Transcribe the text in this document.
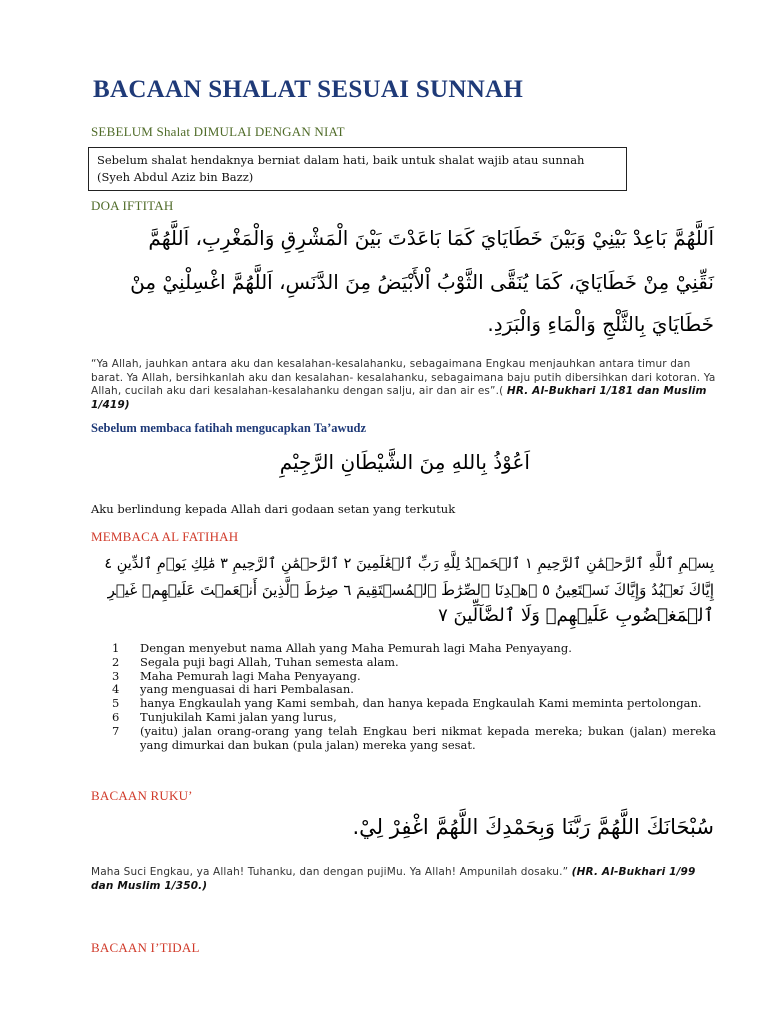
BACAAN SHALAT SESUAI SUNNAH
SEBELUM Shalat DIMULAI DENGAN NIAT
Sebelum shalat hendaknya berniat dalam hati, baik untuk shalat wajib atau sunnah (Syeh Abdul Aziz bin Bazz)
DOA IFTITAH
اَللَّهُمَّ بَاعِدْ بَيْنِيْ وَبَيْنَ خَطَايَايَ كَمَا بَاعَدْتَ بَيْنَ الْمَشْرِقِ وَالْمَغْرِبِ، اَللَّهُمَّ
نَقِّنِيْ مِنْ خَطَايَايَ، كَمَا يُنَقَّى الثَّوْبُ اْلأَبْيَضُ مِنَ الدَّنَسِ، اَللَّهُمَّ اغْسِلْنِيْ مِنْ
خَطَايَايَ بِالثَّلْجِ وَالْمَاءِ وَالْبَرَدِ.
“Ya Allah, jauhkan antara aku dan kesalahan-kesalahanku, sebagaimana Engkau menjauhkan antara timur dan barat. Ya Allah, bersihkanlah aku dan kesalahan- kesalahanku, sebagaimana baju putih dibersihkan dari kotoran. Ya Allah, cucilah aku dari kesalahan-kesalahanku dengan salju, air dan air es”.( HR. Al-Bukhari 1/181 dan Muslim 1/419)
Sebelum membaca fatihah mengucapkan Ta’awudz
اَعُوْذُ بِاللهِ مِنَ الشَّيْطَانِ الرَّجِيْمِ
Aku berlindung kepada Allah dari godaan setan yang terkutuk
MEMBACA AL FATIHAH
بِسۡمِ ٱللَّهِ ٱلرَّحۡمَٰنِ ٱلرَّحِيمِ ١ ٱلۡحَمۡدُ لِلَّهِ رَبِّ ٱلۡعَٰلَمِينَ ٢ ٱلرَّحۡمَٰنِ ٱلرَّحِيمِ ٣ مَٰلِكِ يَوۡمِ ٱلدِّينِ ٤
إِيَّاكَ نَعۡبُدُ وَإِيَّاكَ نَسۡتَعِينُ ٥ ٱهۡدِنَا ٱلصِّرَٰطَ ٱلۡمُسۡتَقِيمَ ٦ صِرَٰطَ ٱلَّذِينَ أَنۡعَمۡتَ عَلَيۡهِمۡ غَيۡرِ
ٱلۡمَغۡضُوبِ عَلَيۡهِمۡ وَلَا ٱلضَّآلِّينَ ٧
1 Dengan menyebut nama Allah yang Maha Pemurah lagi Maha Penyayang.
2 Segala puji bagi Allah, Tuhan semesta alam.
3 Maha Pemurah lagi Maha Penyayang.
4 yang menguasai di hari Pembalasan.
5 hanya Engkaulah yang Kami sembah, dan hanya kepada Engkaulah Kami meminta pertolongan.
6 Tunjukilah Kami jalan yang lurus,
7 (yaitu) jalan orang-orang yang telah Engkau beri nikmat kepada mereka; bukan (jalan) mereka yang dimurkai dan bukan (pula jalan) mereka yang sesat.
BACAAN RUKU’
سُبْحَانَكَ اللَّهُمَّ رَبَّنَا وَبِحَمْدِكَ اللَّهُمَّ اغْفِرْ لِيْ.
Maha Suci Engkau, ya Allah! Tuhanku, dan dengan pujiMu. Ya Allah! Ampunilah dosaku.” (HR. Al-Bukhari 1/99 dan Muslim 1/350.)
BACAAN I’TIDAL
